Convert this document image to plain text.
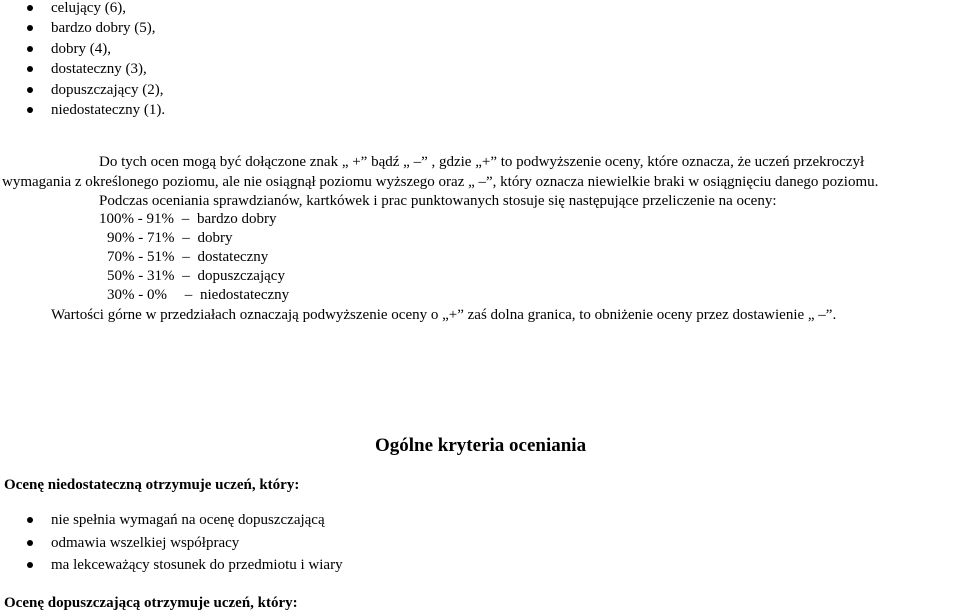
celujący (6),
bardzo dobry (5),
dobry (4),
dostateczny (3),
dopuszczający (2),
niedostateczny (1).
Do tych ocen mogą być dołączone znak „ +” bądź „ –” , gdzie „+” to podwyższenie oceny, które oznacza, że uczeń przekroczył
wymagania z określonego poziomu, ale nie osiągnął poziomu wyższego oraz „ –”, który oznacza niewielkie braki w osiągnięciu danego poziomu.
Podczas oceniania sprawdzianów, kartkówek i prac punktowanych stosuje się następujące przeliczenie na oceny:
100% - 91% – bardzo dobry
90% - 71% – dobry
70% - 51% – dostateczny
50% - 31% – dopuszczający
30% - 0% – niedostateczny
Wartości górne w przedziałach oznaczają podwyższenie oceny o „+” zaś dolna granica, to obniżenie oceny przez dostawienie „ –”.
Ogólne kryteria oceniania
Ocenę niedostateczną otrzymuje uczeń, który:
nie spełnia wymagań na ocenę dopuszczającą
odmawia wszelkiej współpracy
ma lekceważący stosunek do przedmiotu i wiary
Ocenę dopuszczającą otrzymuje uczeń, który:
